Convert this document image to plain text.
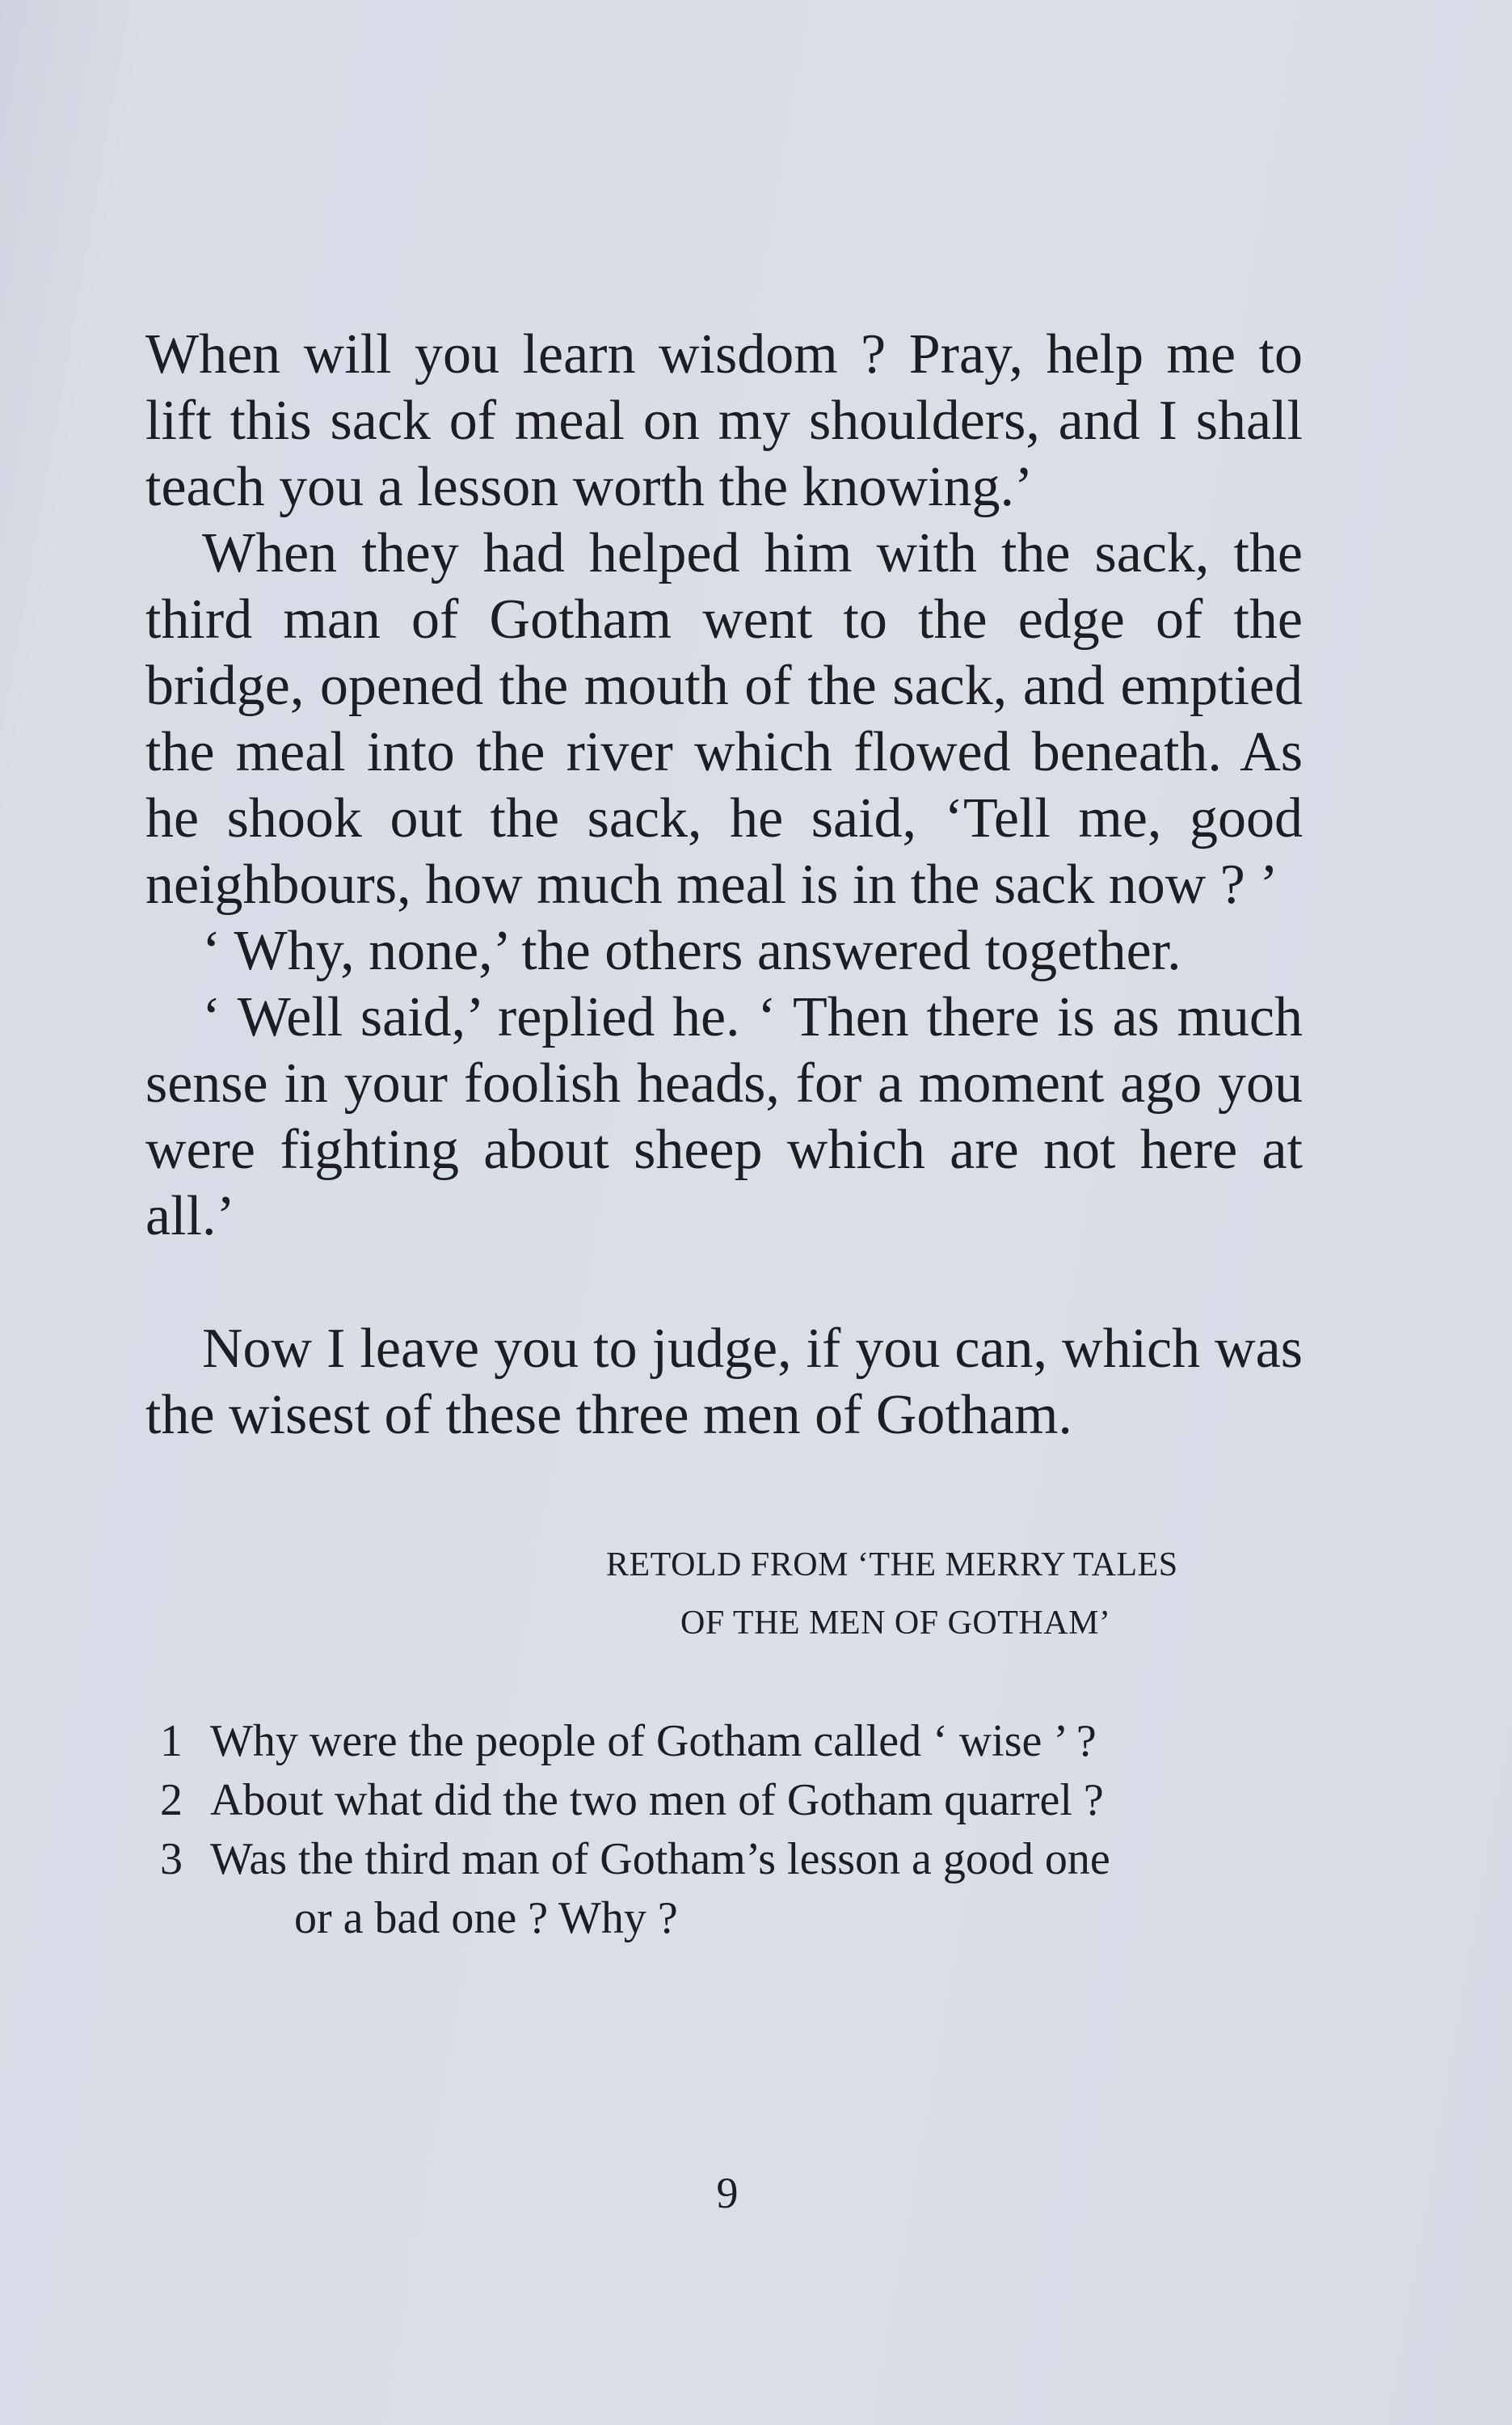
When will you learn wisdom ? Pray, help me to lift this sack of meal on my shoulders, and I shall teach you a lesson worth the knowing.’

When they had helped him with the sack, the third man of Gotham went to the edge of the bridge, opened the mouth of the sack, and emptied the meal into the river which flowed beneath. As he shook out the sack, he said, ‘Tell me, good neighbours, how much meal is in the sack now ? ’

‘ Why, none,’ the others answered together.

‘ Well said,’ replied he. ‘ Then there is as much sense in your foolish heads, for a moment ago you were fighting about sheep which are not here at all.’

Now I leave you to judge, if you can, which was the wisest of these three men of Gotham.

RETOLD FROM ‘THE MERRY TALES
OF THE MEN OF GOTHAM’
1 Why were the people of Gotham called ‘ wise ’ ?
2 About what did the two men of Gotham quarrel ?
3 Was the third man of Gotham’s lesson a good one
or a bad one ? Why ?
9
